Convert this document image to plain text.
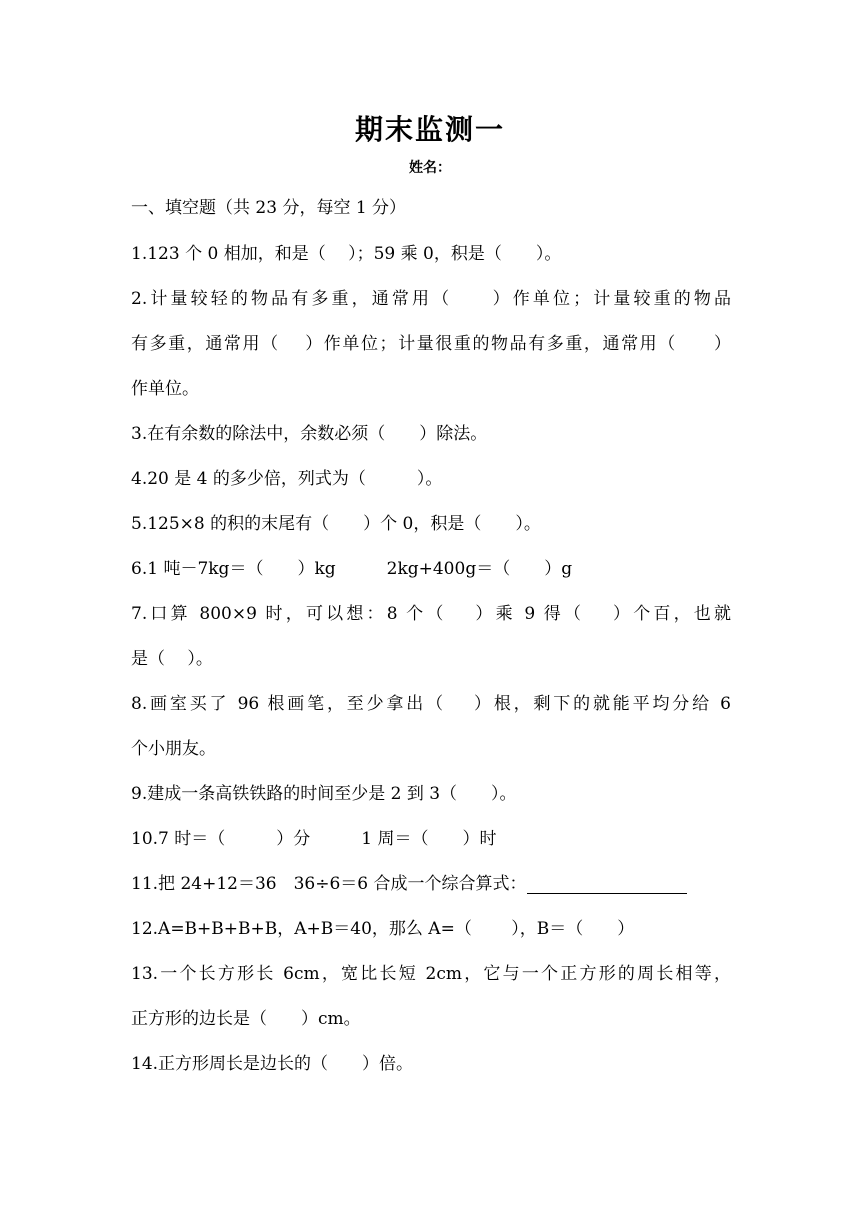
期末监测一
姓名：
一、填空题（共 23 分，每空 1 分）
1.123 个 0 相加，和是（　 ）；59 乘 0，积是（　　）。
2.计量较轻的物品有多重，通常用（　　）作单位；计量较重的物品
有多重，通常用（　 ）作单位；计量很重的物品有多重，通常用（　　）
作单位。
3.在有余数的除法中，余数必须（　　）除法。
4.20 是 4 的多少倍，列式为（　　　）。
5.125×8 的积的末尾有（　　）个 0，积是（　　）。
6.1 吨－7kg＝（　　）kg　　　2kg+400g＝（　　）g
7.口算 800×9 时，可以想：8 个（　 ）乘 9 得（　 ）个百，也就
是（　 ）。
8.画室买了 96 根画笔，至少拿出（　 ）根，剩下的就能平均分给 6
个小朋友。
9.建成一条高铁铁路的时间至少是 2 到 3（　　）。
10.7 时＝（　　　）分　　　1 周＝（　　）时
11.把 24+12＝36　36÷6＝6 合成一个综合算式：
12.A=B+B+B+B，A+B＝40，那么 A=（　　 ），B＝（　　）
13.一个长方形长 6cm，宽比长短 2cm，它与一个正方形的周长相等，
正方形的边长是（　　）cm。
14.正方形周长是边长的（　　）倍。
